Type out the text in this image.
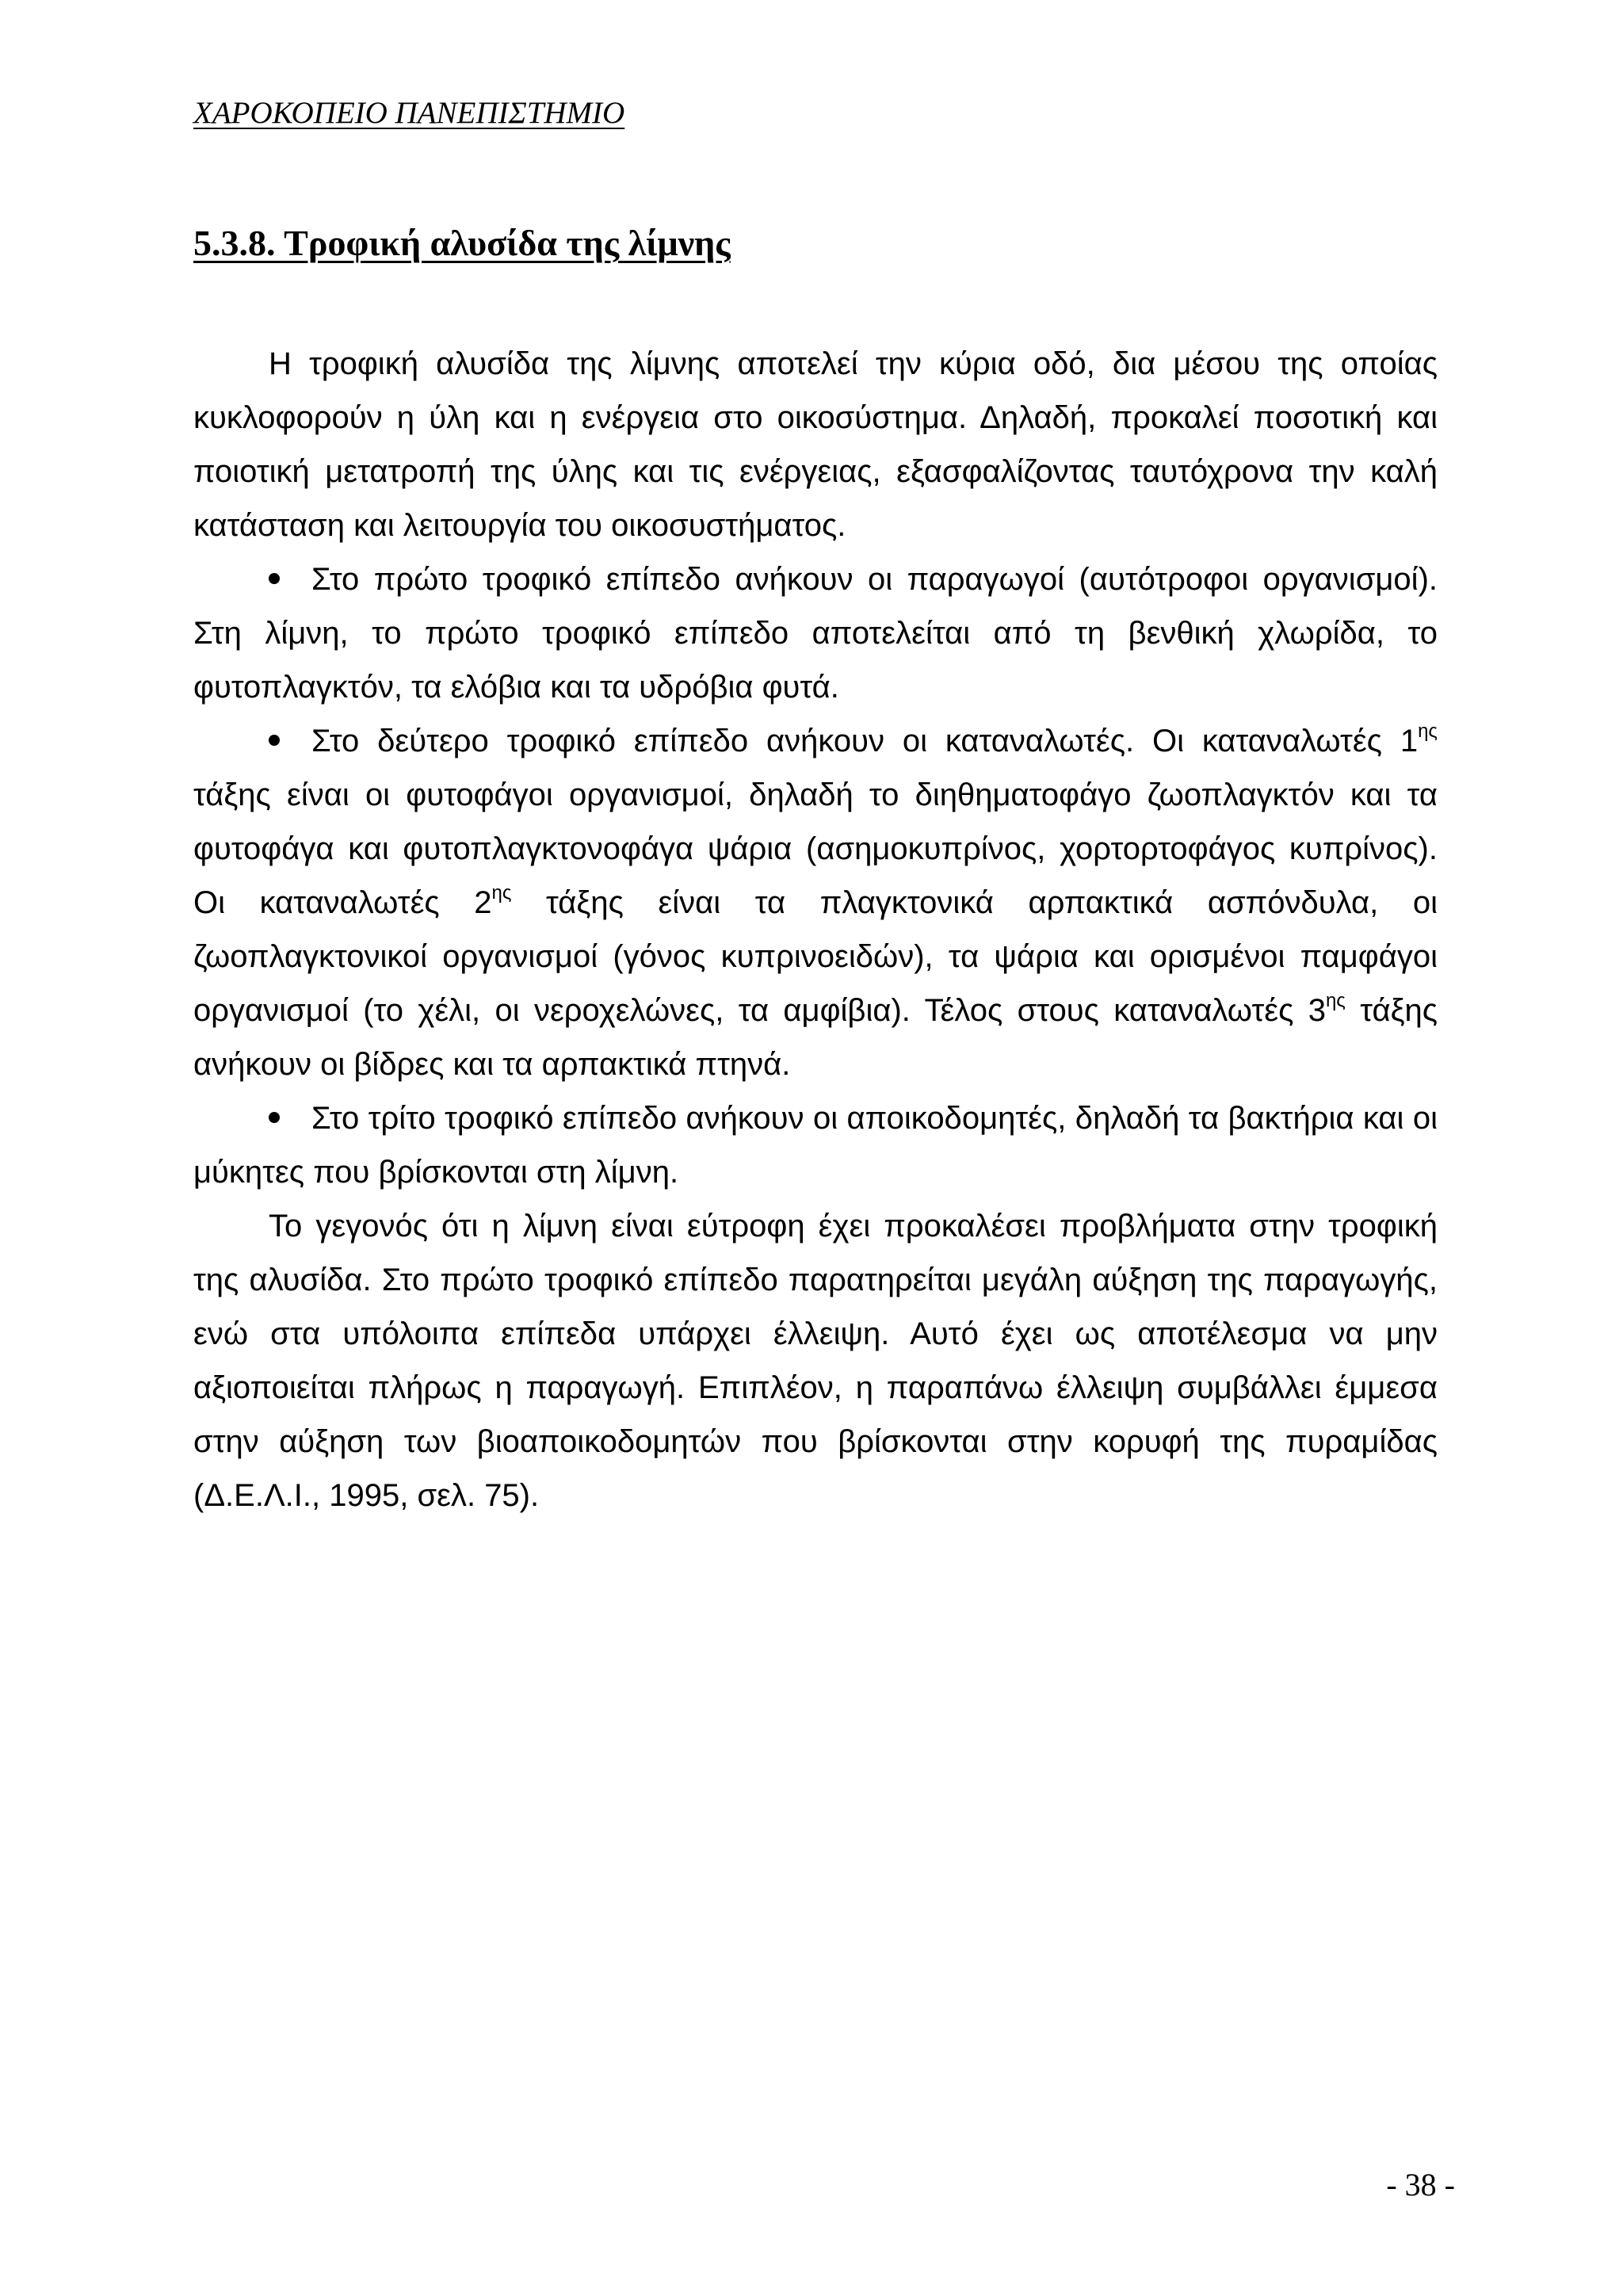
ΧΑΡΟΚΟΠΕΙΟ ΠΑΝΕΠΙΣΤΗΜΙΟ
5.3.8. Τροφική αλυσίδα της λίμνης

Η τροφική αλυσίδα της λίμνης αποτελεί την κύρια οδό, δια μέσου της οποίας κυκλοφορούν η ύλη και η ενέργεια στο οικοσύστημα. Δηλαδή, προκαλεί ποσοτική και ποιοτική μετατροπή της ύλης και τις ενέργειας, εξασφαλίζοντας ταυτόχρονα την καλή κατάσταση και λειτουργία του οικοσυστήματος.

Στο πρώτο τροφικό επίπεδο ανήκουν οι παραγωγοί (αυτότροφοι οργανισμοί). Στη λίμνη, το πρώτο τροφικό επίπεδο αποτελείται από τη βενθική χλωρίδα, το φυτοπλαγκτόν, τα ελόβια και τα υδρόβια φυτά.

Στο δεύτερο τροφικό επίπεδο ανήκουν οι καταναλωτές. Οι καταναλωτές $1^{\eta\varsigma}$ τάξης είναι οι φυτοφάγοι οργανισμοί, δηλαδή το διηθηματοφάγο ζωοπλαγκτόν και τα φυτοφάγα και φυτοπλαγκτονοφάγα ψάρια (ασημοκυπρίνος, χορτορτοφάγος κυπρίνος). Οι καταναλωτές $2^{\eta\varsigma}$ τάξης είναι τα πλαγκτονικά αρπακτικά ασπόνδυλα, οι ζωοπλαγκτονικοί οργανισμοί (γόνος κυπρινοειδών), τα ψάρια και ορισμένοι παμφάγοι οργανισμοί (το χέλι, οι νεροχελώνες, τα αμφίβια). Τέλος στους καταναλωτές $3^{\eta\varsigma}$ τάξης ανήκουν οι βίδρες και τα αρπακτικά πτηνά.

Στο τρίτο τροφικό επίπεδο ανήκουν οι αποικοδομητές, δηλαδή τα βακτήρια και οι μύκητες που βρίσκονται στη λίμνη.

Το γεγονός ότι η λίμνη είναι εύτροφη έχει προκαλέσει προβλήματα στην τροφική της αλυσίδα. Στο πρώτο τροφικό επίπεδο παρατηρείται μεγάλη αύξηση της παραγωγής, ενώ στα υπόλοιπα επίπεδα υπάρχει έλλειψη. Αυτό έχει ως αποτέλεσμα να μην αξιοποιείται πλήρως η παραγωγή. Επιπλέον, η παραπάνω έλλειψη συμβάλλει έμμεσα στην αύξηση των βιοαποικοδομητών που βρίσκονται στην κορυφή της πυραμίδας (Δ.Ε.Λ.Ι., 1995, σελ. 75).

- 38 -
